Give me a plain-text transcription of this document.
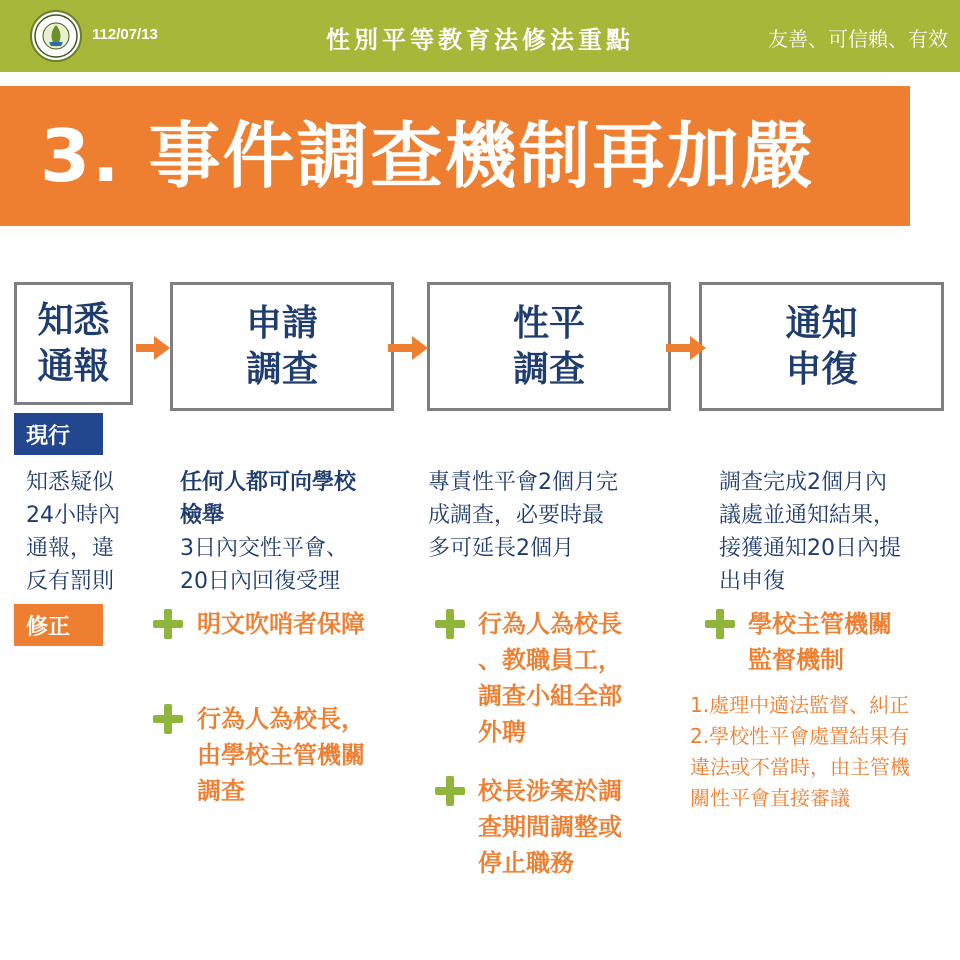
112/07/13	性別平等教育法修法重點	友善、可信賴、有效
3. 事件調查機制再加嚴
知悉
通報
申請
調查
性平
調查
通知
申復
現行
修正
知悉疑似
24小時內
通報，違
反有罰則
任何人都可向學校
檢舉
3日內交性平會、
20日內回復受理
專責性平會2個月完
成調查，必要時最
多可延長2個月
調查完成2個月內
議處並通知結果，
接獲通知20日內提
出申復
明文吹哨者保障
行為人為校長，
由學校主管機關
調查
行為人為校長
、教職員工，
調查小組全部
外聘
校長涉案於調
查期間調整或
停止職務
學校主管機關
監督機制
1.處理中適法監督、糾正
2.學校性平會處置結果有
違法或不當時，由主管機
關性平會直接審議
